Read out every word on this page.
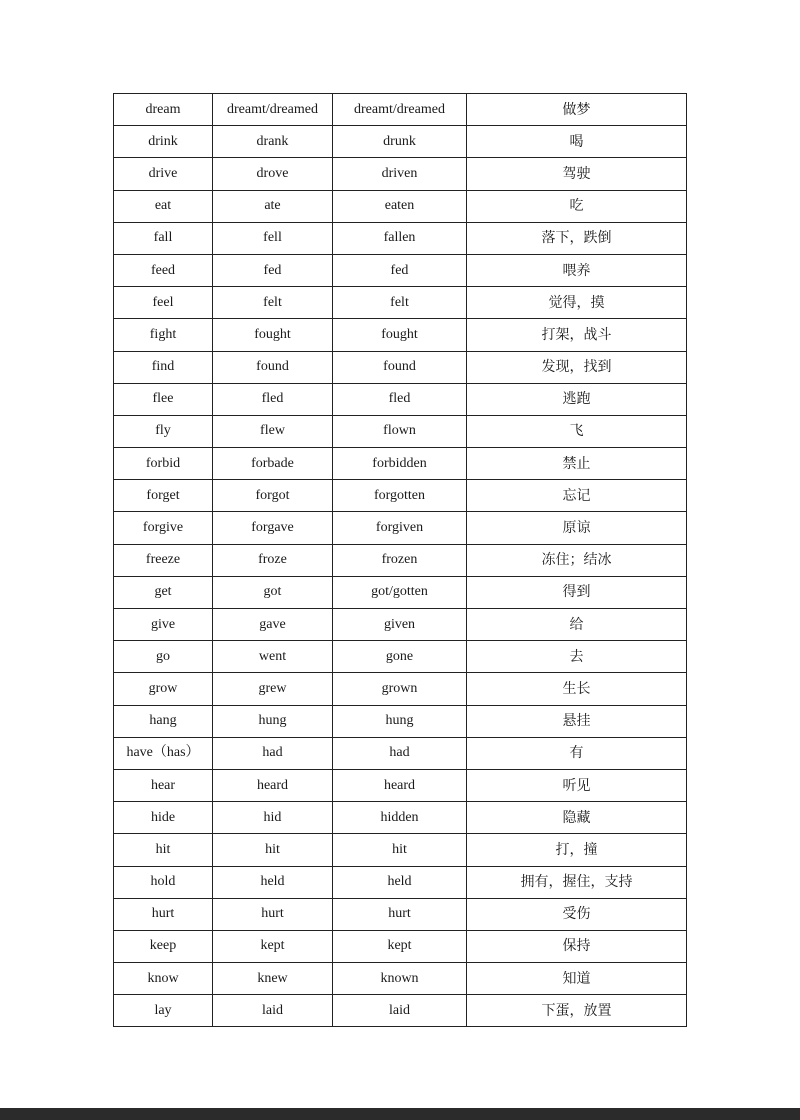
dream	dreamt/dreamed	dreamt/dreamed	做梦
drink	drank	drunk	喝
drive	drove	driven	驾驶
eat	ate	eaten	吃
fall	fell	fallen	落下，跌倒
feed	fed	fed	喂养
feel	felt	felt	觉得，摸
fight	fought	fought	打架，战斗
find	found	found	发现，找到
flee	fled	fled	逃跑
fly	flew	flown	飞
forbid	forbade	forbidden	禁止
forget	forgot	forgotten	忘记
forgive	forgave	forgiven	原谅
freeze	froze	frozen	冻住；结冰
get	got	got/gotten	得到
give	gave	given	给
go	went	gone	去
grow	grew	grown	生长
hang	hung	hung	悬挂
have（has）	had	had	有
hear	heard	heard	听见
hide	hid	hidden	隐藏
hit	hit	hit	打，撞
hold	held	held	拥有，握住，支持
hurt	hurt	hurt	受伤
keep	kept	kept	保持
know	knew	known	知道
lay	laid	laid	下蛋，放置
